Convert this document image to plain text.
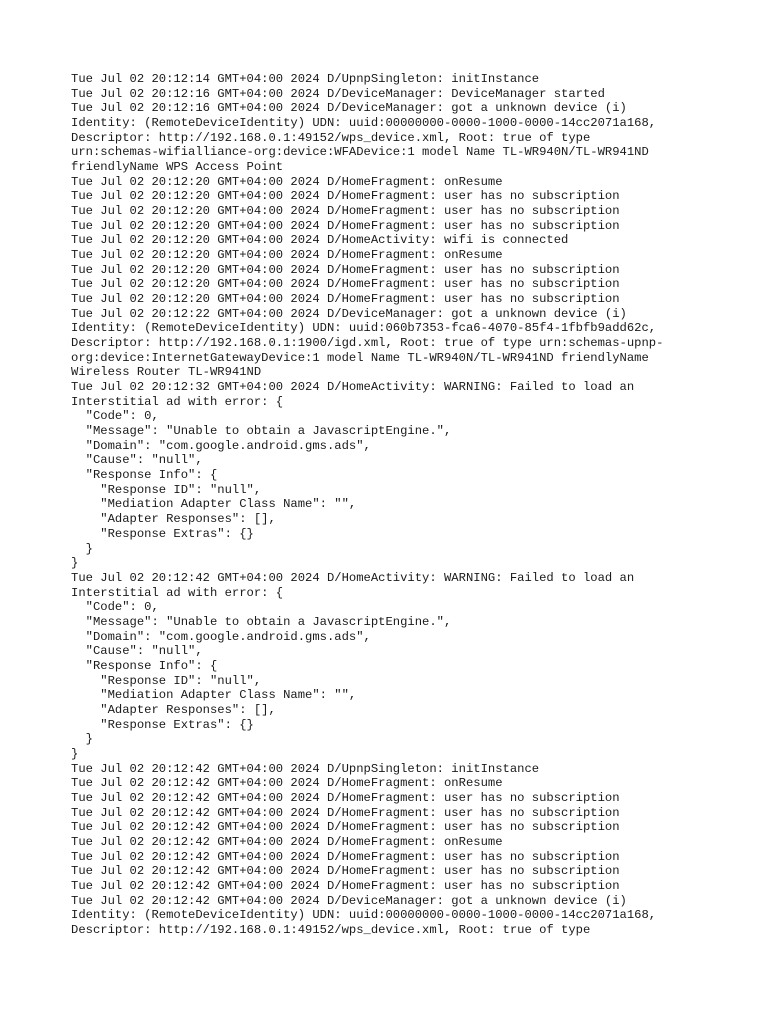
Tue Jul 02 20:12:14 GMT+04:00 2024 D/UpnpSingleton: initInstance
Tue Jul 02 20:12:16 GMT+04:00 2024 D/DeviceManager: DeviceManager started
Tue Jul 02 20:12:16 GMT+04:00 2024 D/DeviceManager: got a unknown device (i)
Identity: (RemoteDeviceIdentity) UDN: uuid:00000000-0000-1000-0000-14cc2071a168,
Descriptor: http://192.168.0.1:49152/wps_device.xml, Root: true of type
urn:schemas-wifialliance-org:device:WFADevice:1 model Name TL-WR940N/TL-WR941ND
friendlyName WPS Access Point
Tue Jul 02 20:12:20 GMT+04:00 2024 D/HomeFragment: onResume
Tue Jul 02 20:12:20 GMT+04:00 2024 D/HomeFragment: user has no subscription
Tue Jul 02 20:12:20 GMT+04:00 2024 D/HomeFragment: user has no subscription
Tue Jul 02 20:12:20 GMT+04:00 2024 D/HomeFragment: user has no subscription
Tue Jul 02 20:12:20 GMT+04:00 2024 D/HomeActivity: wifi is connected
Tue Jul 02 20:12:20 GMT+04:00 2024 D/HomeFragment: onResume
Tue Jul 02 20:12:20 GMT+04:00 2024 D/HomeFragment: user has no subscription
Tue Jul 02 20:12:20 GMT+04:00 2024 D/HomeFragment: user has no subscription
Tue Jul 02 20:12:20 GMT+04:00 2024 D/HomeFragment: user has no subscription
Tue Jul 02 20:12:22 GMT+04:00 2024 D/DeviceManager: got a unknown device (i)
Identity: (RemoteDeviceIdentity) UDN: uuid:060b7353-fca6-4070-85f4-1fbfb9add62c,
Descriptor: http://192.168.0.1:1900/igd.xml, Root: true of type urn:schemas-upnp-
org:device:InternetGatewayDevice:1 model Name TL-WR940N/TL-WR941ND friendlyName
Wireless Router TL-WR941ND
Tue Jul 02 20:12:32 GMT+04:00 2024 D/HomeActivity: WARNING: Failed to load an
Interstitial ad with error: {
"Code": 0,
"Message": "Unable to obtain a JavascriptEngine.",
"Domain": "com.google.android.gms.ads",
"Cause": "null",
"Response Info": {
"Response ID": "null",
"Mediation Adapter Class Name": "",
"Adapter Responses": [],
"Response Extras": {}
}
}
Tue Jul 02 20:12:42 GMT+04:00 2024 D/HomeActivity: WARNING: Failed to load an
Interstitial ad with error: {
"Code": 0,
"Message": "Unable to obtain a JavascriptEngine.",
"Domain": "com.google.android.gms.ads",
"Cause": "null",
"Response Info": {
"Response ID": "null",
"Mediation Adapter Class Name": "",
"Adapter Responses": [],
"Response Extras": {}
}
}
Tue Jul 02 20:12:42 GMT+04:00 2024 D/UpnpSingleton: initInstance
Tue Jul 02 20:12:42 GMT+04:00 2024 D/HomeFragment: onResume
Tue Jul 02 20:12:42 GMT+04:00 2024 D/HomeFragment: user has no subscription
Tue Jul 02 20:12:42 GMT+04:00 2024 D/HomeFragment: user has no subscription
Tue Jul 02 20:12:42 GMT+04:00 2024 D/HomeFragment: user has no subscription
Tue Jul 02 20:12:42 GMT+04:00 2024 D/HomeFragment: onResume
Tue Jul 02 20:12:42 GMT+04:00 2024 D/HomeFragment: user has no subscription
Tue Jul 02 20:12:42 GMT+04:00 2024 D/HomeFragment: user has no subscription
Tue Jul 02 20:12:42 GMT+04:00 2024 D/HomeFragment: user has no subscription
Tue Jul 02 20:12:42 GMT+04:00 2024 D/DeviceManager: got a unknown device (i)
Identity: (RemoteDeviceIdentity) UDN: uuid:00000000-0000-1000-0000-14cc2071a168,
Descriptor: http://192.168.0.1:49152/wps_device.xml, Root: true of type
